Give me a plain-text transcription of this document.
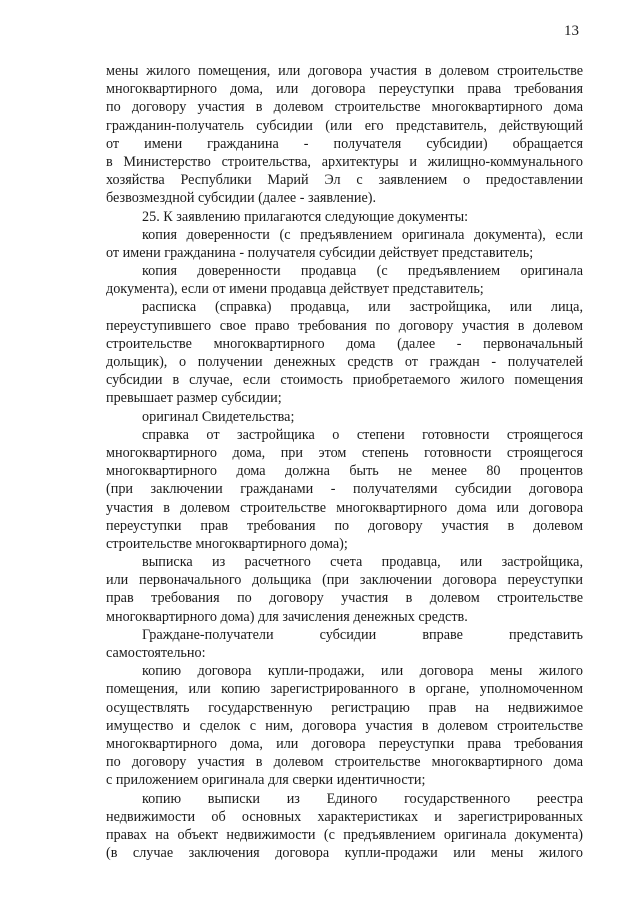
13
мены жилого помещения, или договора участия в долевом строительстве
многоквартирного дома, или договора переуступки права требования
по договору участия в долевом строительстве многоквартирного дома
гражданин-получатель субсидии (или его представитель, действующий
от имени гражданина - получателя субсидии) обращается
в Министерство строительства, архитектуры и жилищно-коммунального
хозяйства Республики Марий Эл с заявлением о предоставлении
безвозмездной субсидии (далее - заявление).
25. К заявлению прилагаются следующие документы:
копия доверенности (с предъявлением оригинала документа), если
от имени гражданина - получателя субсидии действует представитель;
копия доверенности продавца (с предъявлением оригинала
документа), если от имени продавца действует представитель;
расписка (справка) продавца, или застройщика, или лица,
переуступившего свое право требования по договору участия в долевом
строительстве многоквартирного дома (далее - первоначальный
дольщик), о получении денежных средств от граждан - получателей
субсидии в случае, если стоимость приобретаемого жилого помещения
превышает размер субсидии;
оригинал Свидетельства;
справка от застройщика о степени готовности строящегося
многоквартирного дома, при этом степень готовности строящегося
многоквартирного дома должна быть не менее 80 процентов
(при заключении гражданами - получателями субсидии договора
участия в долевом строительстве многоквартирного дома или договора
переуступки прав требования по договору участия в долевом
строительстве многоквартирного дома);
выписка из расчетного счета продавца, или застройщика,
или первоначального дольщика (при заключении договора переуступки
прав требования по договору участия в долевом строительстве
многоквартирного дома) для зачисления денежных средств.
Граждане-получатели субсидии вправе представить
самостоятельно:
копию договора купли-продажи, или договора мены жилого
помещения, или копию зарегистрированного в органе, уполномоченном
осуществлять государственную регистрацию прав на недвижимое
имущество и сделок с ним, договора участия в долевом строительстве
многоквартирного дома, или договора переуступки права требования
по договору участия в долевом строительстве многоквартирного дома
с приложением оригинала для сверки идентичности;
копию выписки из Единого государственного реестра
недвижимости об основных характеристиках и зарегистрированных
правах на объект недвижимости (с предъявлением оригинала документа)
(в случае заключения договора купли-продажи или мены жилого
